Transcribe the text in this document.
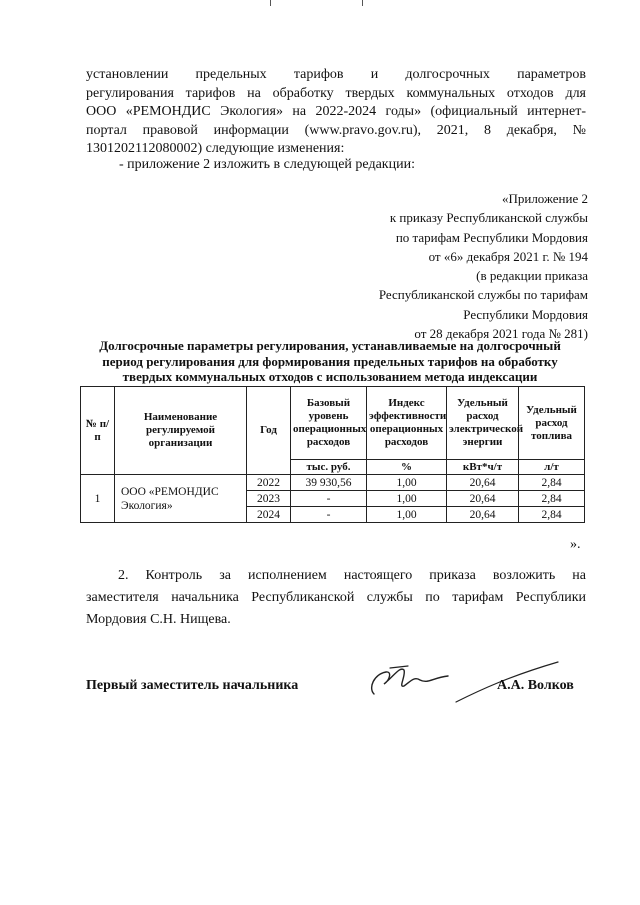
установлении предельных тарифов и долгосрочных параметров

регулирования тарифов на обработку твердых коммунальных отходов для

ООО «РЕМОНДИС Экология» на 2022-2024 годы» (официальный интернет-

портал правовой информации (www.pravo.gov.ru), 2021, 8 декабря, №

1301202112080002) следующие изменения:

- приложение 2 изложить в следующей редакции:
«Приложение 2
к приказу Республиканской службы
по тарифам Республики Мордовия
от «6» декабря 2021 г. № 194
(в редакции приказа
Республиканской службы по тарифам
Республики Мордовия
от 28 декабря 2021 года № 281)
Долгосрочные параметры регулирования, устанавливаемые на долгосрочный
период регулирования для формирования предельных тарифов на обработку
твердых коммунальных отходов с использованием метода индексации
№ п/п	Наименование регулируемой организации	Год	Базовый уровень операционных расходов	Индекс эффективности операционных расходов	Удельный расход электрической энергии	Удельный расход топлива
			тыс. руб.	%	кВт*ч/т	л/т
1	ООО «РЕМОНДИС Экология»	2022	39 930,56	1,00	20,64	2,84
		2023	-	1,00	20,64	2,84
		2024	-	1,00	20,64	2,84
».

2. Контроль за исполнением настоящего приказа возложить на

заместителя начальника Республиканской службы по тарифам Республики

Мордовия С.Н. Нищева.

Первый заместитель начальника	А.А. Волков
